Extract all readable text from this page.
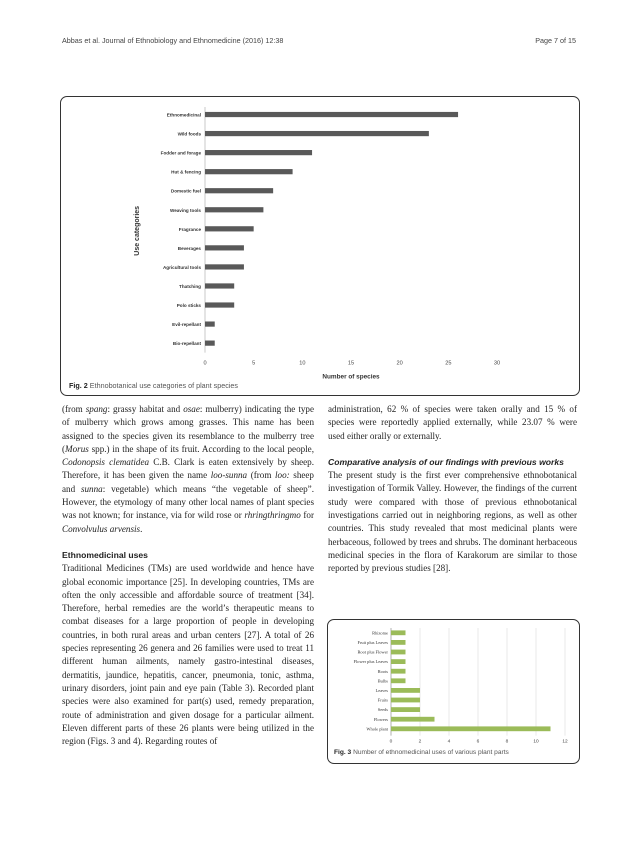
Abbas et al. Journal of Ethnobiology and Ethnomedicine (2016) 12:38	Page 7 of 15
Ethnomedicinal
Wild foods
Fodder and forage
Hut & fencing
Domestic fuel
Weaving tools
Fragrance
Beverages
Agricultural tools
Thatching
Polo sticks
Evil-repellant
Bio-repellant
0	5	10	15	20	25	30
Number of species
Use categories
Fig. 2 Ethnobotanical use categories of plant species

(from spang: grassy habitat and osae: mulberry) indicating the type of mulberry which grows among grasses. This name has been assigned to the species given its resemblance to the mulberry tree (Morus spp.) in the shape of its fruit. According to the local people, Codonopsis clematidea C.B. Clark is eaten extensively by sheep. Therefore, it has been given the name loo-sunna (from loo: sheep and sunna: vegetable) which means “the vegetable of sheep”. However, the etymology of many other local names of plant species was not known; for instance, via for wild rose or rhringthringmo for Convolvulus arvensis.

Ethnomedicinal uses

Traditional Medicines (TMs) are used worldwide and hence have global economic importance [25]. In developing countries, TMs are often the only accessible and affordable source of treatment [34]. Therefore, herbal remedies are the world’s therapeutic means to combat diseases for a large proportion of people in developing countries, in both rural areas and urban centers [27]. A total of 26 species representing 26 genera and 26 families were used to treat 11 different human ailments, namely gastro-intestinal diseases, dermatitis, jaundice, hepatitis, cancer, pneumonia, tonic, asthma, urinary disorders, joint pain and eye pain (Table 3). Recorded plant species were also examined for part(s) used, remedy preparation, route of administration and given dosage for a particular ailment. Eleven different parts of these 26 plants were being utilized in the region (Figs. 3 and 4). Regarding routes of

administration, 62 % of species were taken orally and 15 % of species were reportedly applied externally, while 23.07 % were used either orally or externally.

Comparative analysis of our findings with previous works

The present study is the first ever comprehensive ethnobotanical investigation of Tormik Valley. However, the findings of the current study were compared with those of previous ethnobotanical investigations carried out in neighboring regions, as well as other countries. This study revealed that most medicinal plants were herbaceous, followed by trees and shrubs. The dominant herbaceous medicinal species in the flora of Karakorum are similar to those reported by previous studies [28].

0	2	4	6	8	10	12
Rhizome
Fruit plus Leaves
Root plus Flower
Flower plus Leaves
Roots
Bulbs
Leaves
Fruits
Seeds
Flowers
Whole plant
Fig. 3 Number of ethnomedicinal uses of various plant parts
